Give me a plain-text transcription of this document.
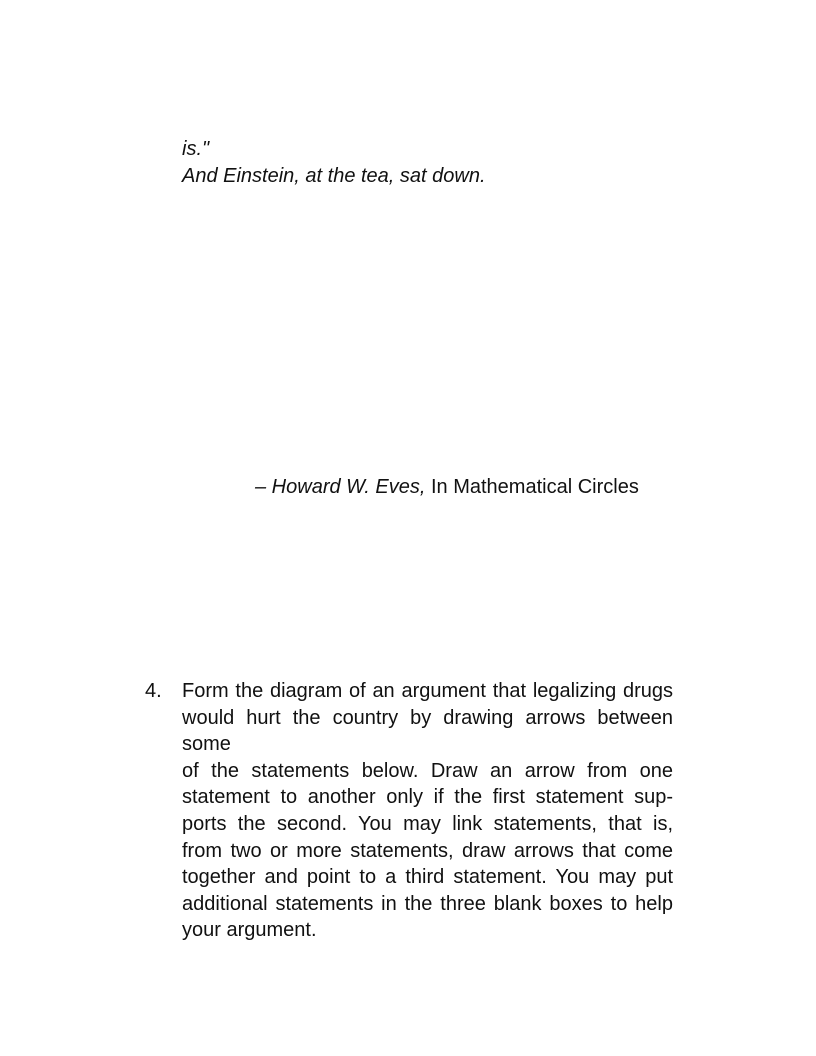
is."
And Einstein, at the tea, sat down.
– Howard W. Eves, In Mathematical Circles
4. Form the diagram of an argument that legalizing drugs
would hurt the country by drawing arrows between some
of the statements below. Draw an arrow from one
statement to another only if the first statement sup-
ports the second. You may link statements, that is,
from two or more statements, draw arrows that come
together and point to a third statement. You may put
additional statements in the three blank boxes to help
your argument.
